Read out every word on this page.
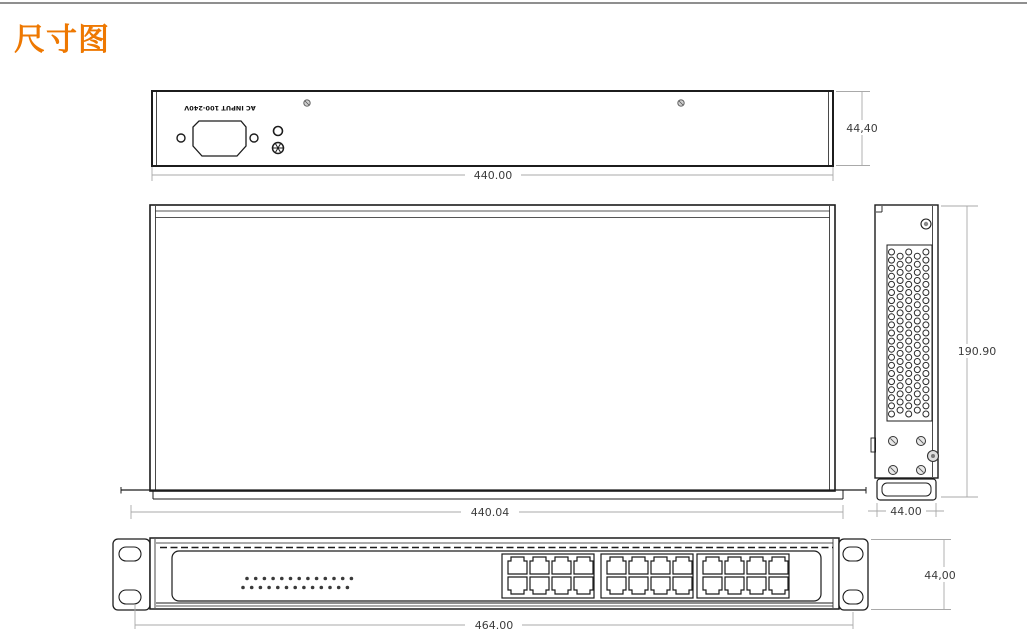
尺寸图
AC INPUT 100-240V
44,40
440.00
440.04
190.90
44.00
44,00
464.00
